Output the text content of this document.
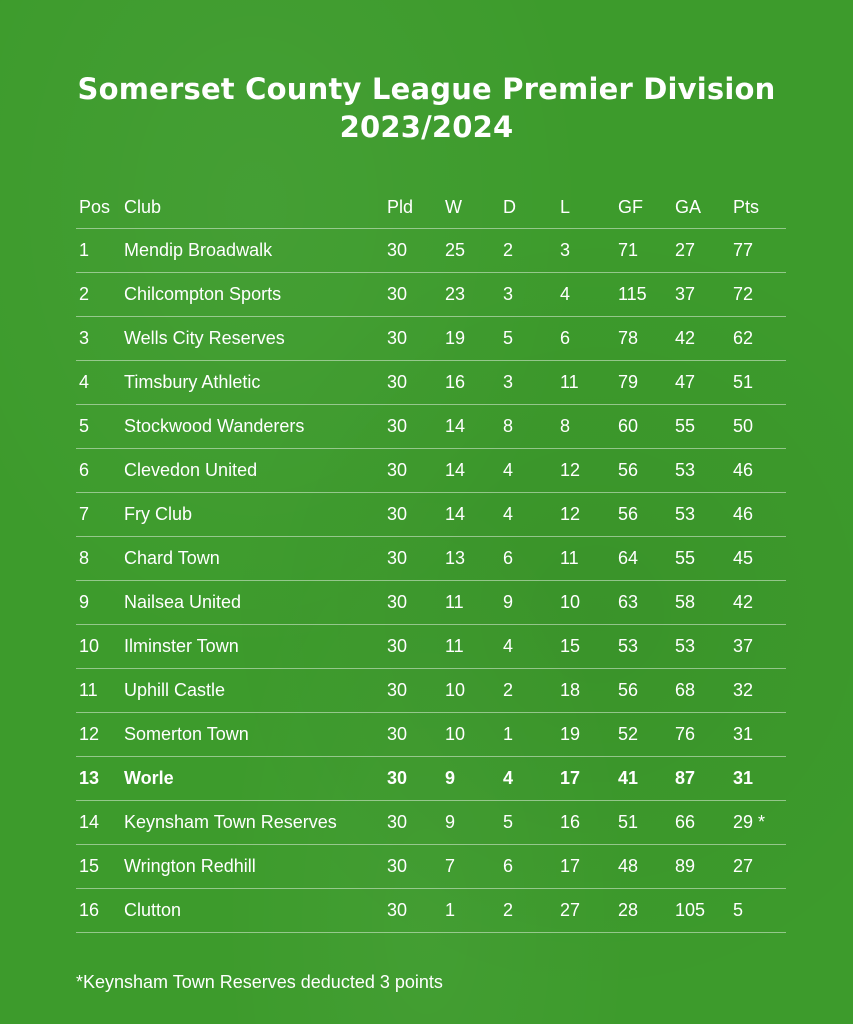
Somerset County League Premier Division
2023/2024
Pos Club	Pld W D L	GF GA Pts
1 Mendip Broadwalk	30 25 2	3	71 27 77
2 Chilcompton Sports	30 23 3	4	115 37 72
3 Wells City Reserves	30 19 5	6	78 42 62
4 Timsbury Athletic	30 16 3	11 79 47 51
5 Stockwood Wanderers	30 14 8	8	60 55 50
6 Clevedon United	30 14 4	12 56 53 46
7 Fry Club	30 14 4	12 56 53 46
8 Chard Town	30 13 6	11 64 55 45
9 Nailsea United	30 11 9	10 63 58 42
10 Ilminster Town	30 11 4	15 53 53 37
11 Uphill Castle	30 10 2	18 56 68 32
12 Somerton Town	30 10 1	19 52 76 31
13 Worle	30 9	4	17 41 87 31
14 Keynsham Town Reserves	30 9	5	16 51 66 29 *
15 Wrington Redhill	30 7	6	17 48 89 27
16 Clutton	30 1	2	27 28 105 5
*Keynsham Town Reserves deducted 3 points
